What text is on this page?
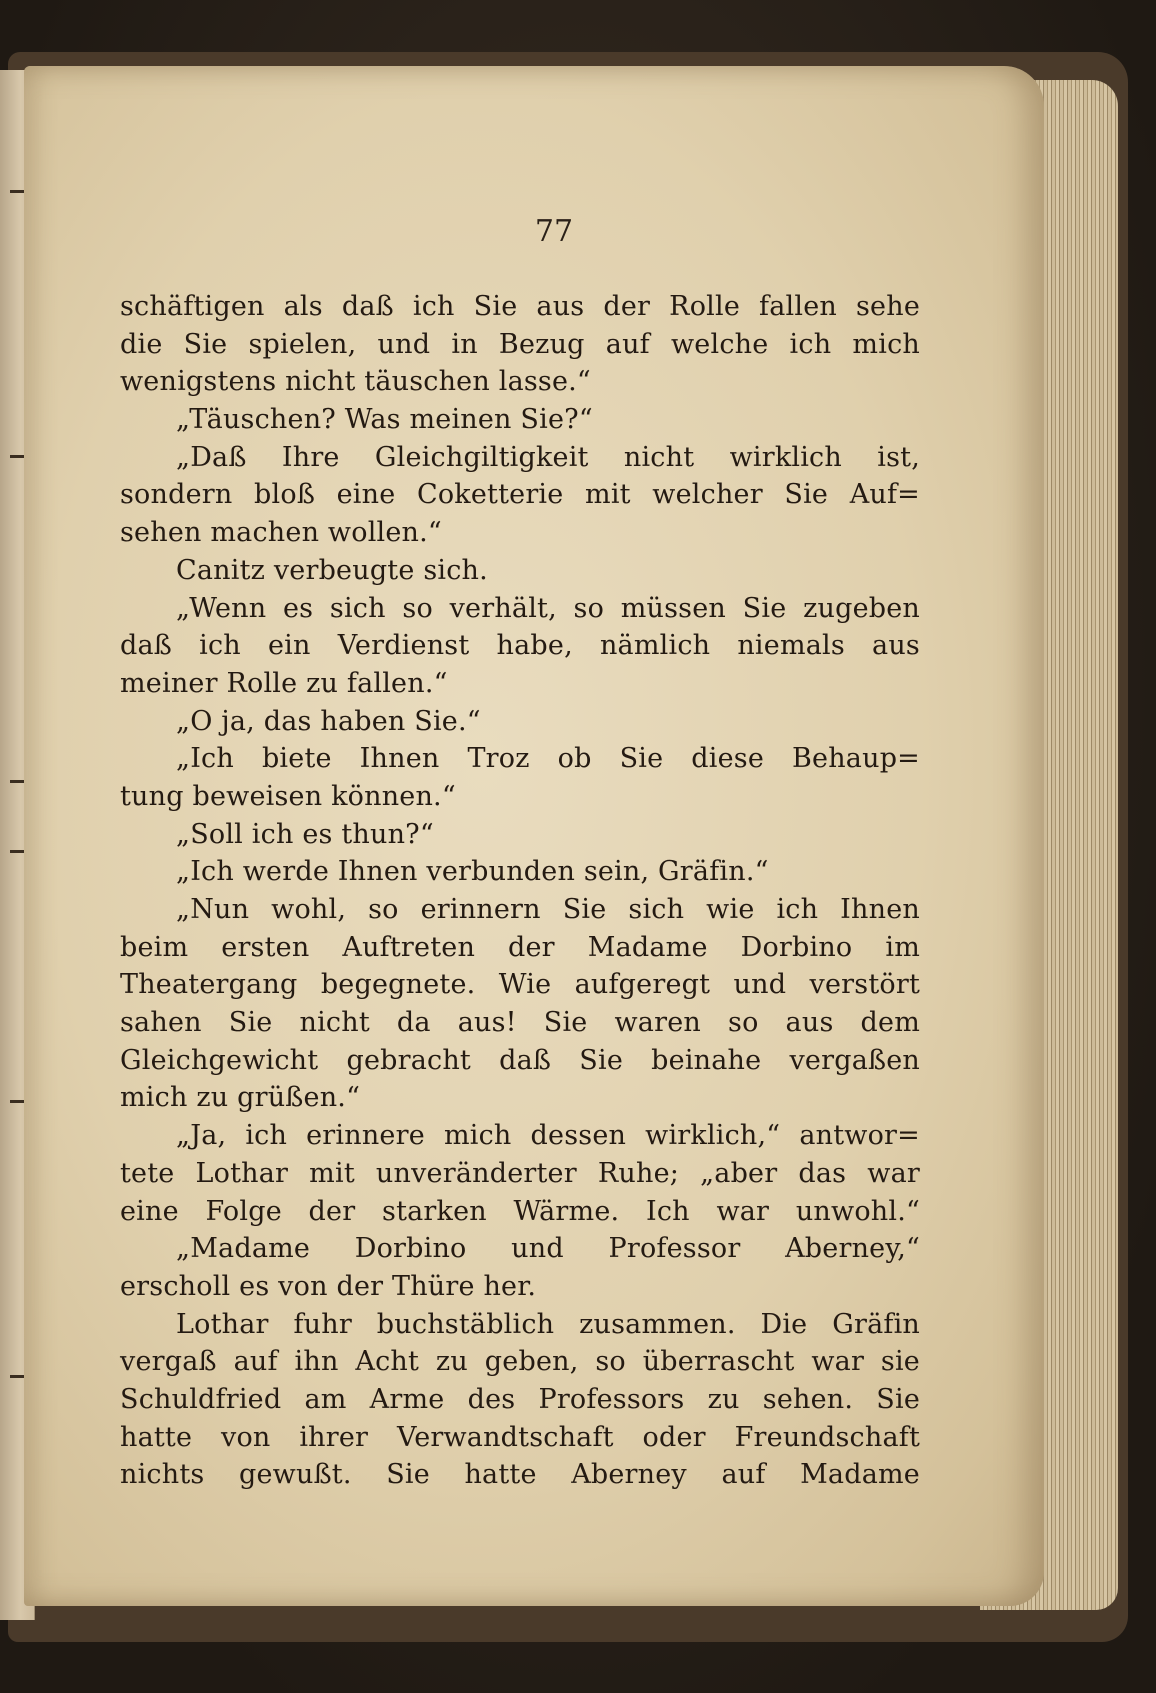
77
schäftigen als daß ich Sie aus der Rolle fallen sehe
die Sie spielen, und in Bezug auf welche ich mich
wenigstens nicht täuschen lasse.“
„Täuschen? Was meinen Sie?“
„Daß Ihre Gleichgiltigkeit nicht wirklich ist,
sondern bloß eine Coketterie mit welcher Sie Auf=
sehen machen wollen.“
Canitz verbeugte sich.
„Wenn es sich so verhält, so müssen Sie zugeben
daß ich ein Verdienst habe, nämlich niemals aus
meiner Rolle zu fallen.“
„O ja, das haben Sie.“
„Ich biete Ihnen Troz ob Sie diese Behaup=
tung beweisen können.“
„Soll ich es thun?“
„Ich werde Ihnen verbunden sein, Gräfin.“
„Nun wohl, so erinnern Sie sich wie ich Ihnen
beim ersten Auftreten der Madame Dorbino im
Theatergang begegnete. Wie aufgeregt und verstört
sahen Sie nicht da aus! Sie waren so aus dem
Gleichgewicht gebracht daß Sie beinahe vergaßen
mich zu grüßen.“
„Ja, ich erinnere mich dessen wirklich,“ antwor=
tete Lothar mit unveränderter Ruhe; „aber das war
eine Folge der starken Wärme. Ich war unwohl.“
„Madame Dorbino und Professor Aberney,“
erscholl es von der Thüre her.
Lothar fuhr buchstäblich zusammen. Die Gräfin
vergaß auf ihn Acht zu geben, so überrascht war sie
Schuldfried am Arme des Professors zu sehen. Sie
hatte von ihrer Verwandtschaft oder Freundschaft
nichts gewußt. Sie hatte Aberney auf Madame
